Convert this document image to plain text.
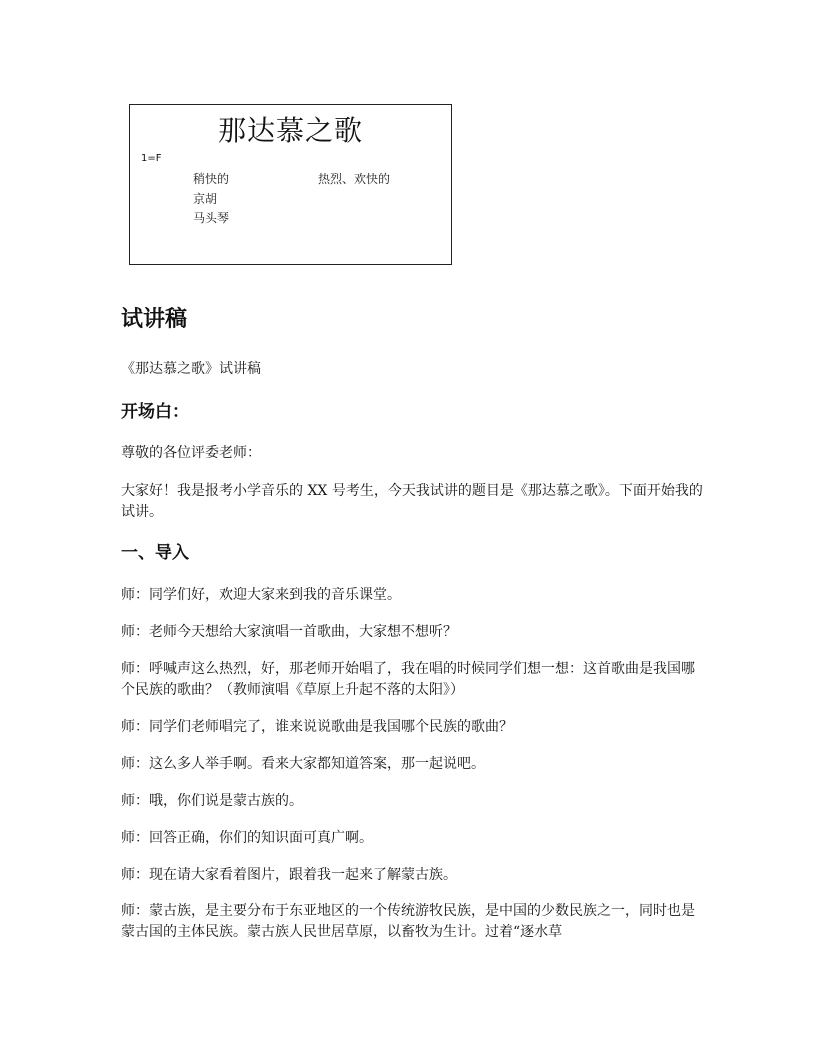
那达慕之歌
1=F
稍快的	热烈、欢快的
京胡
马头琴
试讲稿

《那达慕之歌》试讲稿

开场白：

尊敬的各位评委老师：

大家好！我是报考小学音乐的 XX 号考生，今天我试讲的题目是《那达慕之歌》。下面开始我的试讲。

一、导入

师：同学们好，欢迎大家来到我的音乐课堂。

师：老师今天想给大家演唱一首歌曲，大家想不想听？

师：呼喊声这么热烈，好，那老师开始唱了，我在唱的时候同学们想一想：这首歌曲是我国哪个民族的歌曲？（教师演唱《草原上升起不落的太阳》）

师：同学们老师唱完了，谁来说说歌曲是我国哪个民族的歌曲？

师：这么多人举手啊。看来大家都知道答案，那一起说吧。

师：哦，你们说是蒙古族的。

师：回答正确，你们的知识面可真广啊。

师：现在请大家看着图片，跟着我一起来了解蒙古族。

师：蒙古族，是主要分布于东亚地区的一个传统游牧民族，是中国的少数民族之一，同时也是蒙古国的主体民族。蒙古族人民世居草原，以畜牧为生计。过着“逐水草
